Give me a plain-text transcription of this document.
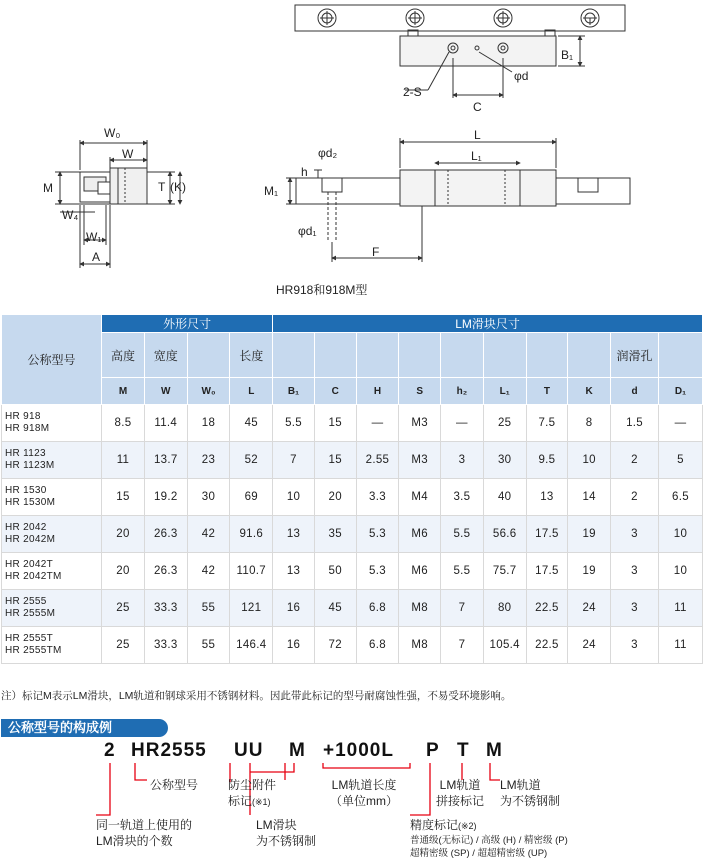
B₁
φd
2-S
C
W₀
W
M	T (K)
W₄
W₁
A
L
L₁
φd₂
h
M₁
φd₁
F
HR918和918M型
公称型号	外形尺寸				LM滑块尺寸									
	高度	宽度		长度									润滑孔	
	M	W	W₀	L	B₁	C	H	S	h₂	L₁	T	K	d	D₁

HR 918
HR 918M	8.5	11.4	18	45	5.5	15	—	M3	—	25	7.5	8	1.5	—

HR 1123
HR 1123M	11	13.7	23	52	7	15	2.55	M3	3	30	9.5	10	2	5

HR 1530
HR 1530M	15	19.2	30	69	10	20	3.3	M4	3.5	40	13	14	2	6.5

HR 2042
HR 2042M	20	26.3	42	91.6	13	35	5.3	M6	5.5	56.6	17.5	19	3	10

HR 2042T
HR 2042TM	20	26.3	42	110.7	13	50	5.3	M6	5.5	75.7	17.5	19	3	10

HR 2555
HR 2555M	25	33.3	55	121	16	45	6.8	M8	7	80	22.5	24	3	11

HR 2555T
HR 2555TM	25	33.3	55	146.4	16	72	6.8	M8	7	105.4	22.5	24	3	11
注）标记M表示LM滑块，LM轨道和钢球采用不锈钢材料。因此带此标记的型号耐腐蚀性强，不易受环境影响。
公称型号的构成例
2 HR2555 UU M +1000L P T M
公称型号 防尘附件
标记(※1)
LM轨道长度
（单位mm）
LM轨道
拼接标记
LM轨道
为不锈钢制
同一轨道上使用的
LM滑块的个数
LM滑块
为不锈钢制
精度标记(※2)
普通级(无标记) / 高级 (H) / 精密级 (P)
超精密级 (SP) / 超超精密级 (UP)
